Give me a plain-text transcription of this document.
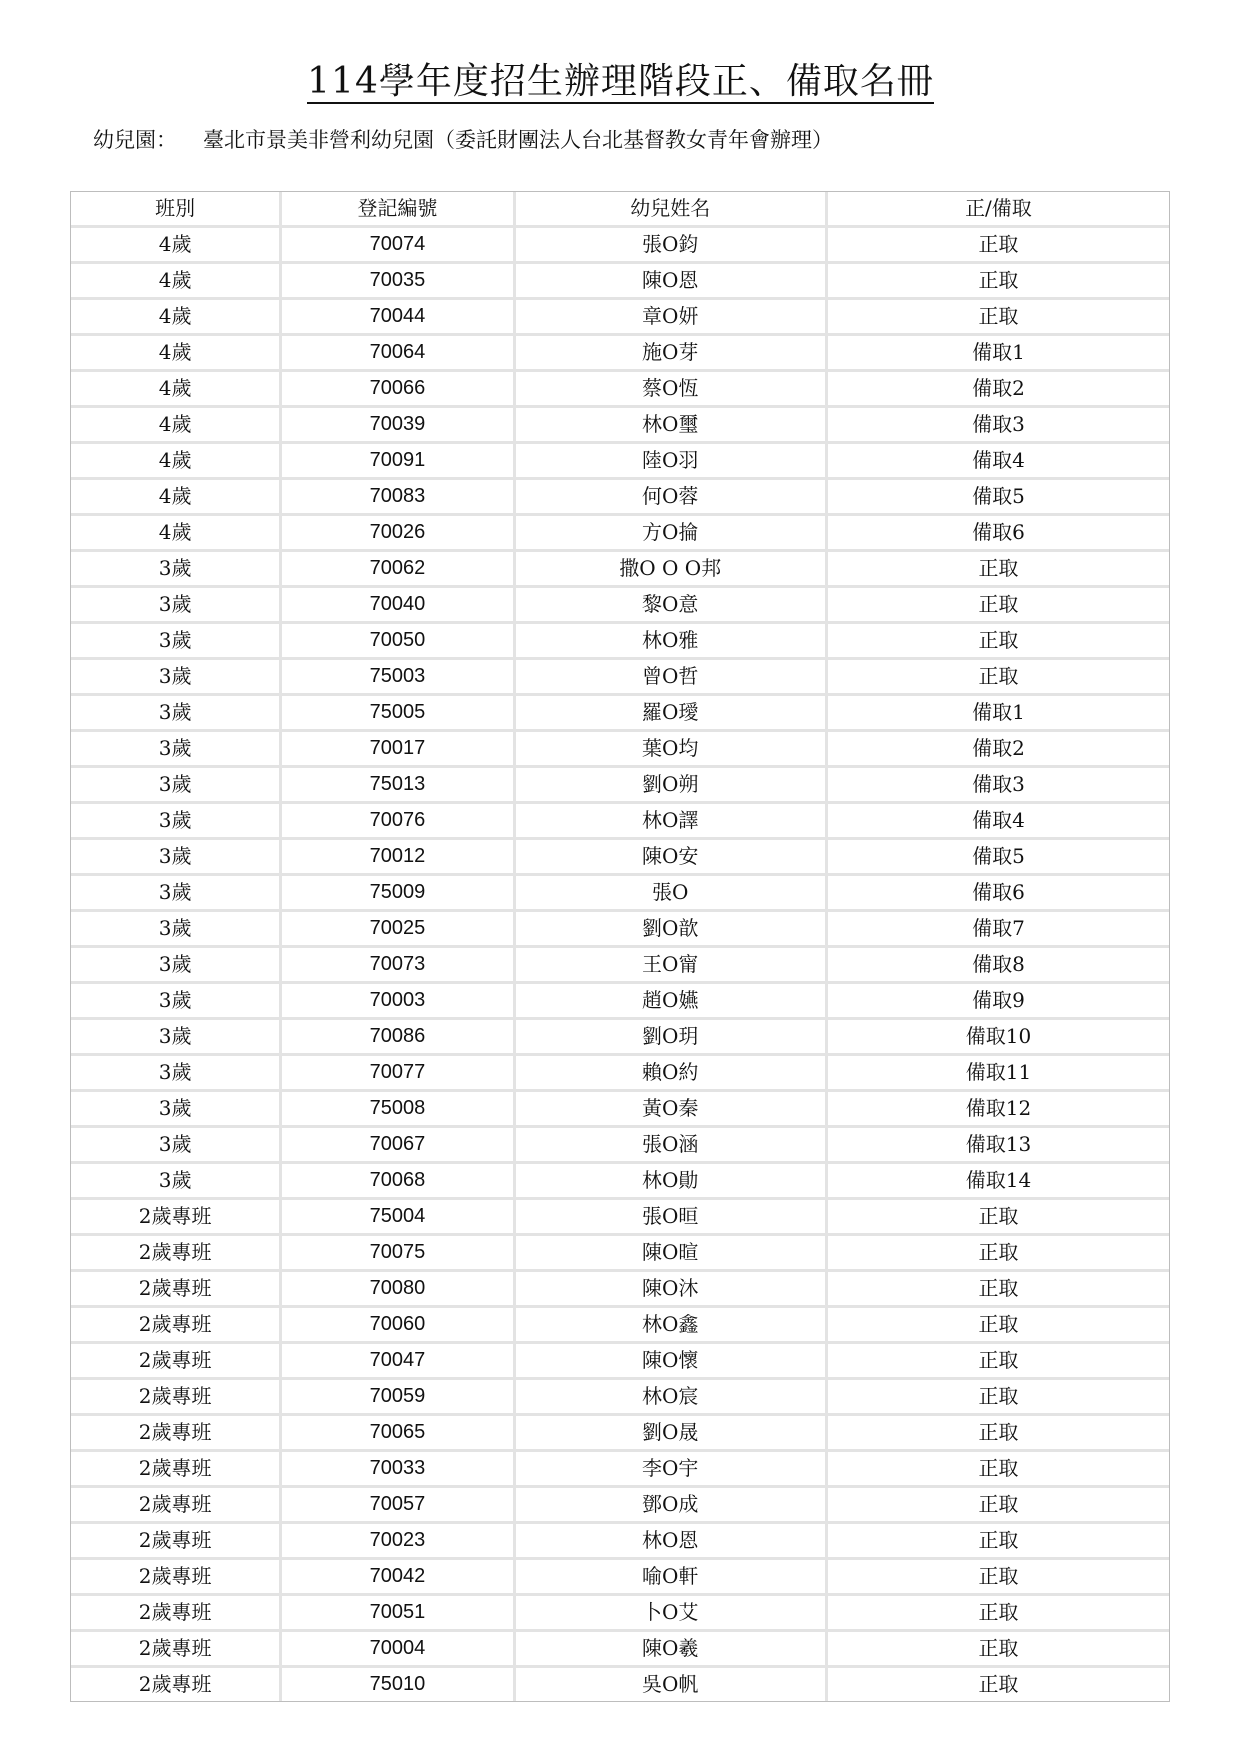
114學年度招生辦理階段正、備取名冊
幼兒園： 臺北市景美非營利幼兒園（委託財團法人台北基督教女青年會辦理）
班別	登記編號	幼兒姓名	正/備取
4歲	70074	張O鈞	正取
4歲	70035	陳O恩	正取
4歲	70044	章O妍	正取
4歲	70064	施O芽	備取1
4歲	70066	蔡O恆	備取2
4歲	70039	林O璽	備取3
4歲	70091	陸O羽	備取4
4歲	70083	何O蓉	備取5
4歲	70026	方O掄	備取6
3歲	70062	撒O O O邦	正取
3歲	70040	黎O意	正取
3歲	70050	林O雅	正取
3歲	75003	曾O哲	正取
3歲	75005	羅O璦	備取1
3歲	70017	葉O均	備取2
3歲	75013	劉O朔	備取3
3歲	70076	林O譯	備取4
3歲	70012	陳O安	備取5
3歲	75009	張O	備取6
3歲	70025	劉O歆	備取7
3歲	70073	王O甯	備取8
3歲	70003	趙O嬿	備取9
3歲	70086	劉O玥	備取10
3歲	70077	賴O約	備取11
3歲	75008	黃O秦	備取12
3歲	70067	張O涵	備取13
3歲	70068	林O勛	備取14
2歲專班	75004	張O晅	正取
2歲專班	70075	陳O暄	正取
2歲專班	70080	陳O沐	正取
2歲專班	70060	林O鑫	正取
2歲專班	70047	陳O懷	正取
2歲專班	70059	林O宸	正取
2歲專班	70065	劉O晟	正取
2歲專班	70033	李O宇	正取
2歲專班	70057	鄧O成	正取
2歲專班	70023	林O恩	正取
2歲專班	70042	喻O軒	正取
2歲專班	70051	卜O艾	正取
2歲專班	70004	陳O羲	正取
2歲專班	75010	吳O帆	正取
